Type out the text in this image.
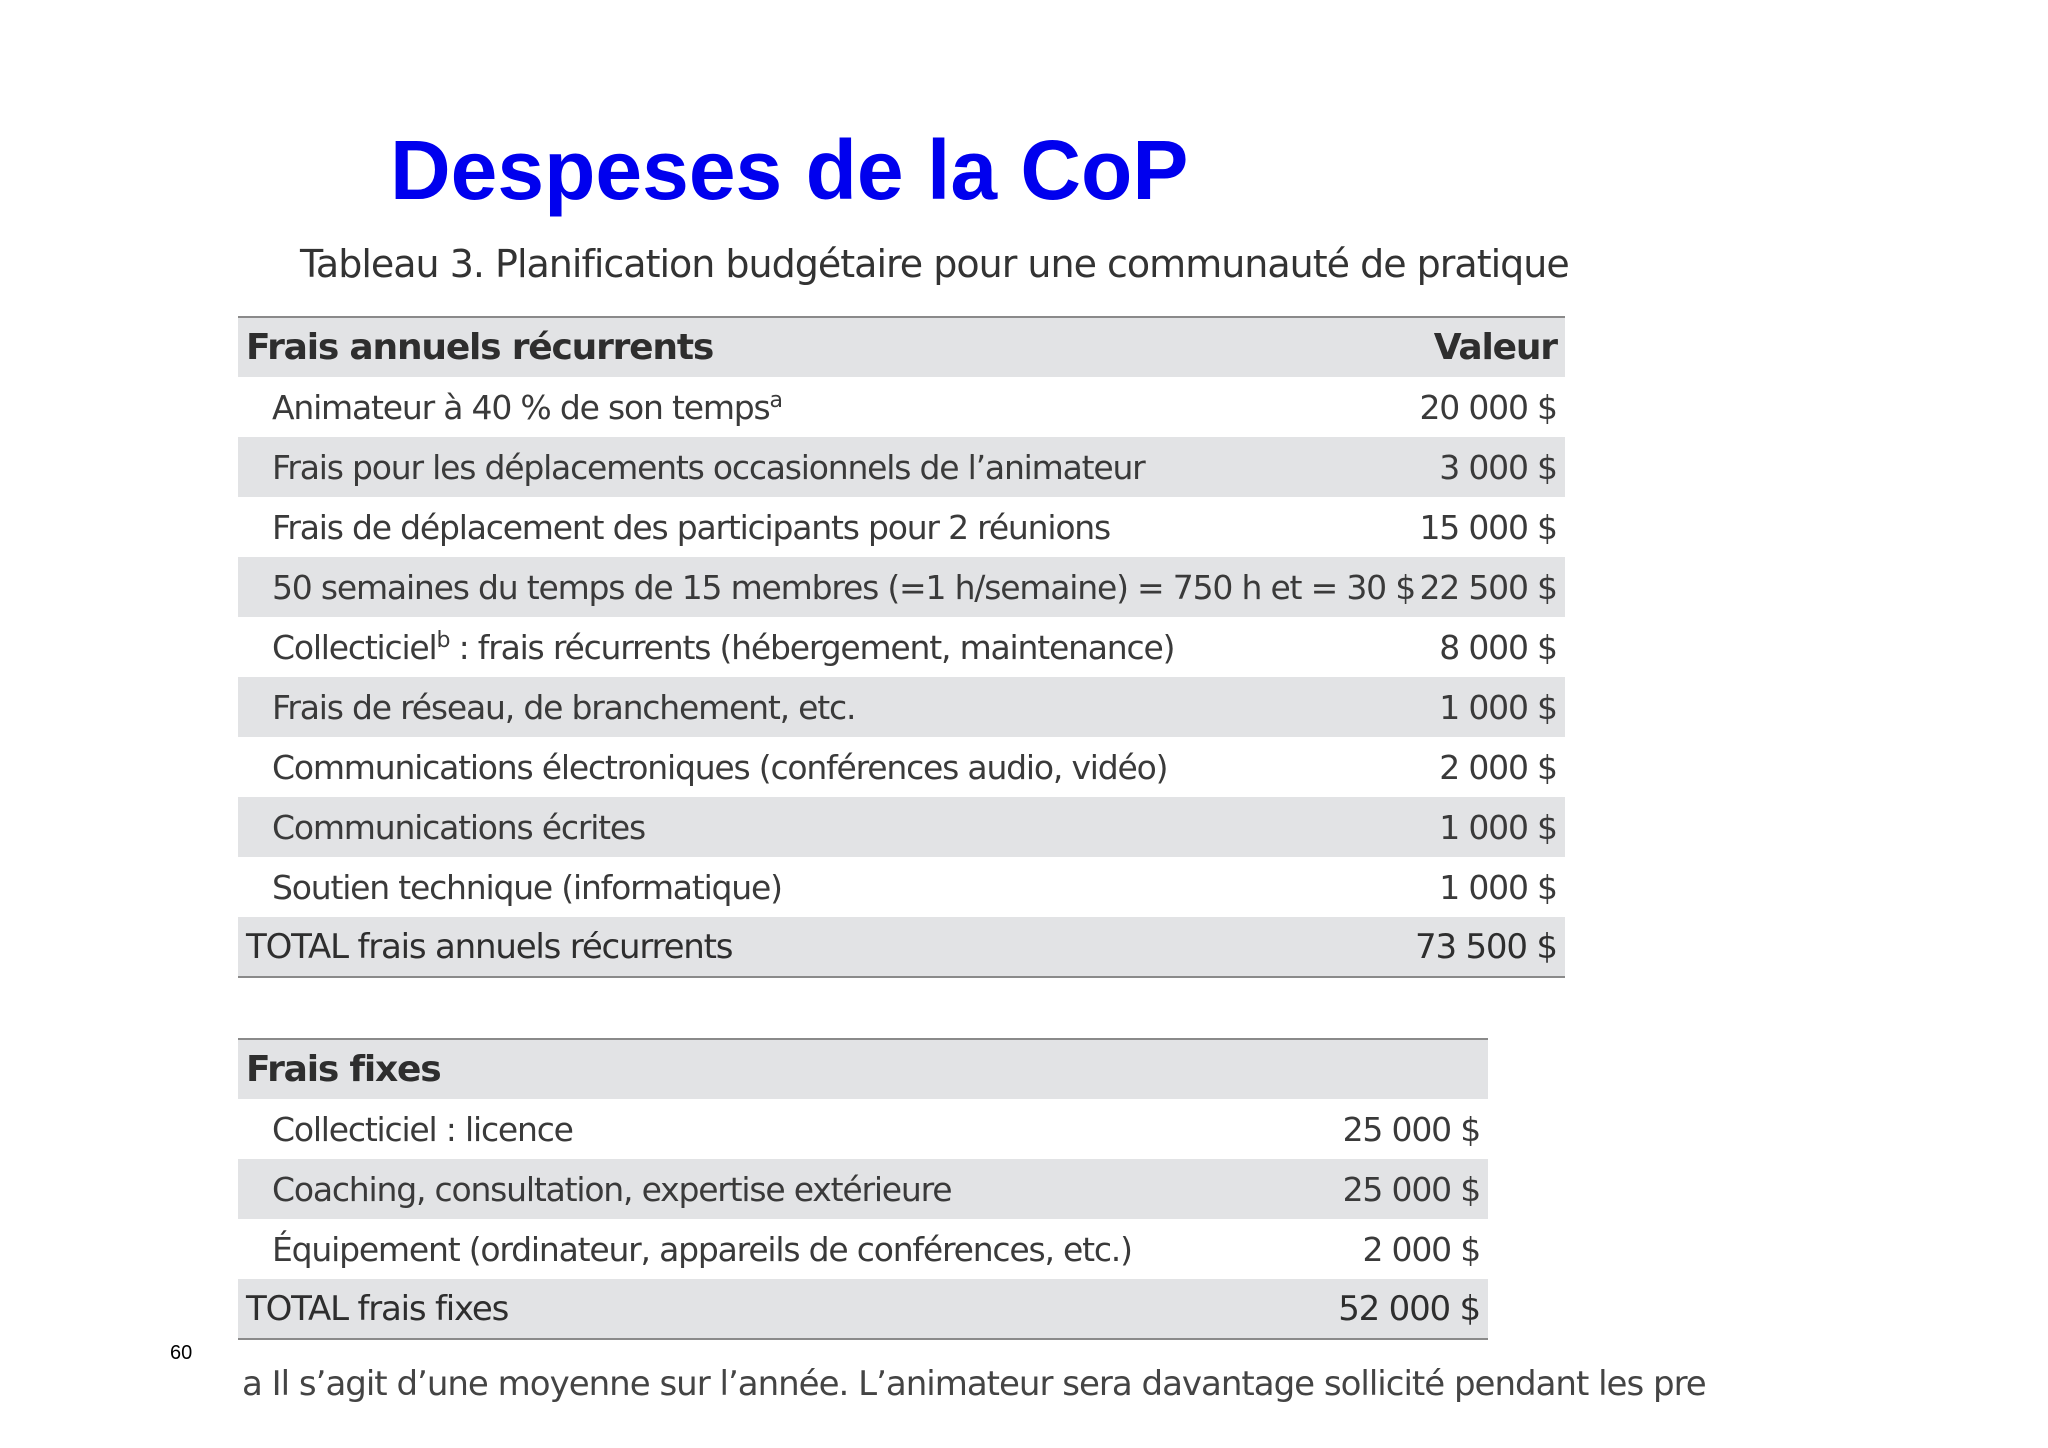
Despeses de la CoP
Tableau 3. Planification budgétaire pour une communauté de pratique
Frais annuels récurrents	Valeur
Animateur à 40 % de son temps$^a$	20 000 $
Frais pour les déplacements occasionnels de l’animateur	3 000 $
Frais de déplacement des participants pour 2 réunions	15 000 $
50 semaines du temps de 15 membres (=1 h/semaine) = 750 h et = 30 $	22 500 $
Collecticiel$^b$ : frais récurrents (hébergement, maintenance)	8 000 $
Frais de réseau, de branchement, etc.	1 000 $
Communications électroniques (conférences audio, vidéo)	2 000 $
Communications écrites	1 000 $
Soutien technique (informatique)	1 000 $
TOTAL frais annuels récurrents	73 500 $
Frais fixes	
Collecticiel : licence	25 000 $
Coaching, consultation, expertise extérieure	25 000 $
Équipement (ordinateur, appareils de conférences, etc.)	2 000 $
TOTAL frais fixes	52 000 $
a Il s’agit d’une moyenne sur l’année. L’animateur sera davantage sollicité pendant les pre
60
